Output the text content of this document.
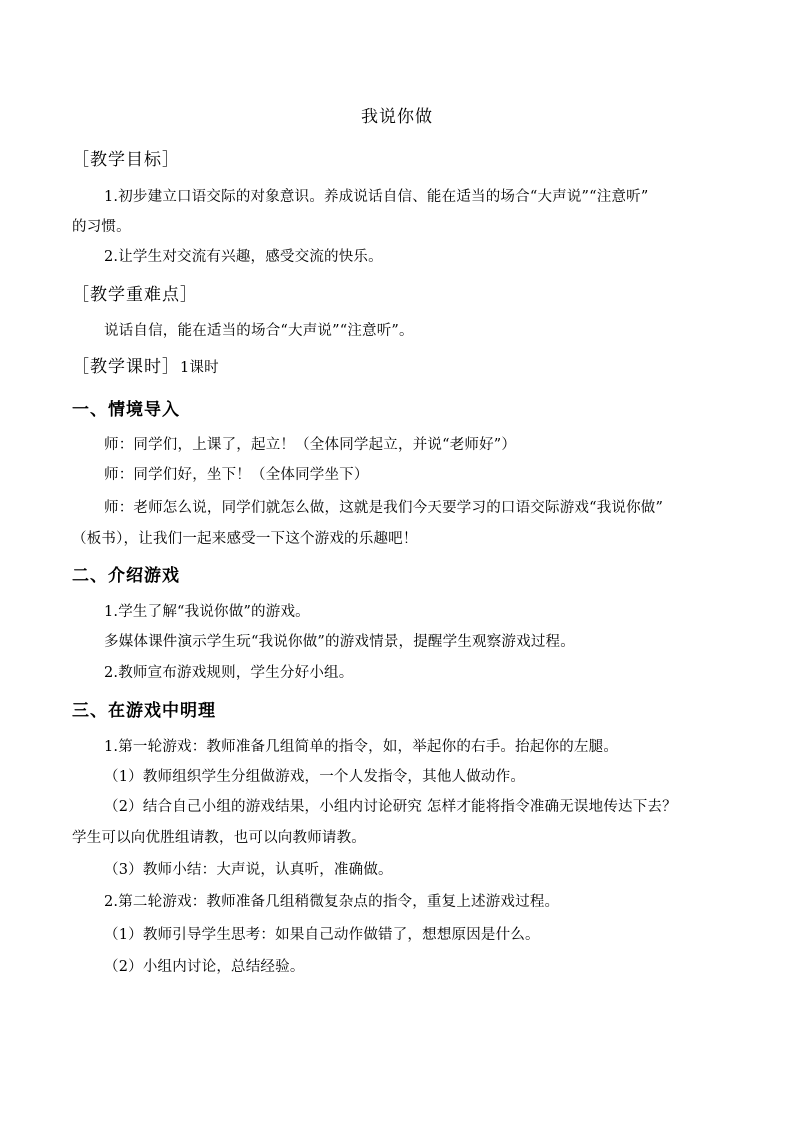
我说你做
［教学目标］
1.初步建立口语交际的对象意识。养成说话自信、能在适当的场合“大声说”“注意听”
的习惯。
2.让学生对交流有兴趣，感受交流的快乐。
［教学重难点］
说话自信，能在适当的场合“大声说”“注意听”。
［教学课时］1课时
一、情境导入
师：同学们，上课了，起立！（全体同学起立，并说“老师好”）
师：同学们好，坐下！（全体同学坐下）
师：老师怎么说，同学们就怎么做，这就是我们今天要学习的口语交际游戏“我说你做”
（板书），让我们一起来感受一下这个游戏的乐趣吧！
二、介绍游戏
1.学生了解“我说你做”的游戏。
多媒体课件演示学生玩“我说你做”的游戏情景，提醒学生观察游戏过程。
2.教师宣布游戏规则，学生分好小组。
三、在游戏中明理
1.第一轮游戏：教师准备几组简单的指令，如，举起你的右手。抬起你的左腿。
（1）教师组织学生分组做游戏，一个人发指令，其他人做动作。
（2）结合自己小组的游戏结果，小组内讨论研究 怎样才能将指令准确无误地传达下去？
学生可以向优胜组请教，也可以向教师请教。
（3）教师小结：大声说，认真听，准确做。
2.第二轮游戏：教师准备几组稍微复杂点的指令，重复上述游戏过程。
（1）教师引导学生思考：如果自己动作做错了，想想原因是什么。
（2）小组内讨论，总结经验。
